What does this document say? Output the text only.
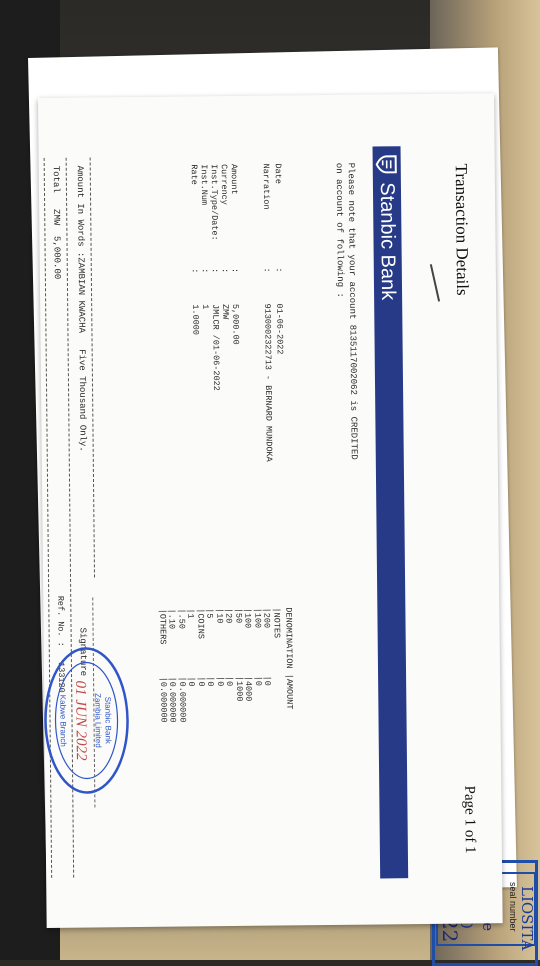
seal number LIOSITA
Transaction Details
Page 1 of 1
Stanbic Bank
Please note that your account 8135117002062 is CREDITED
on account of following :
Date
:
01-06-2022
Narration
:
9130002322713 - BERNARD MUNDOKA
Amount
:
5,000.00
Currency
:
ZMW
Inst.Type/Date:
:
JMLCR /01-06-2022
Inst.Num
:
1
Rate
:
1.0000
DENOMINATION |AMOUNT
|NOTES
|200
|0
|100
|0
|100
|4000
|50
|1000
|20
|0
|10
|0
|5
|0
|COINS
|0
|1
|0
|.50
|0.000000
|.10
|0.000000
|OTHERS
|0.000000
Amount In Words :ZAMBIAN KWACHA   Five Thousand Only.
Total   ZMW  5,000.00
Ref. No. :   133120 Signature
Stanbic Bank
Zambia Limited
01 JUN 2022
Kabwe Branch
